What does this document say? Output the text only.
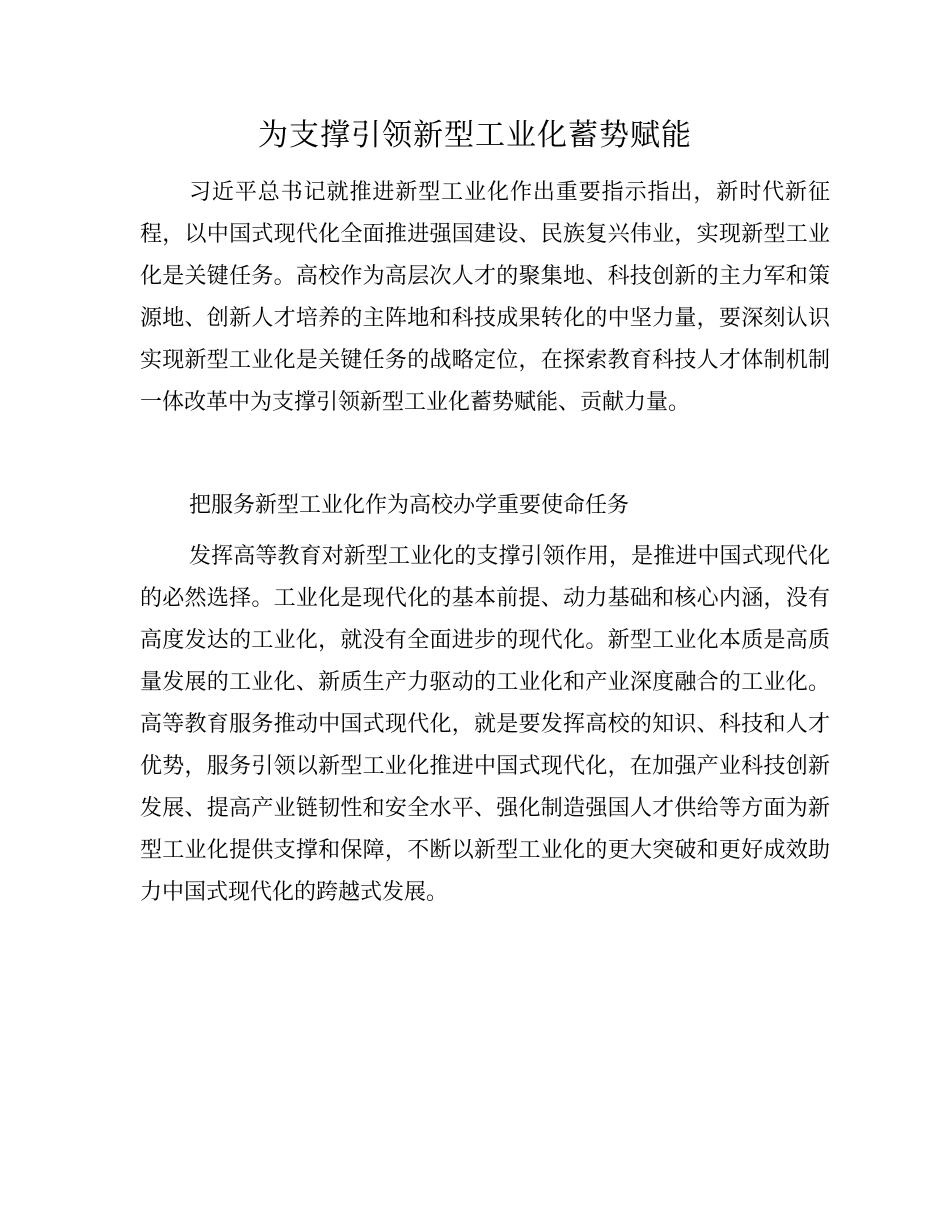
为支撑引领新型工业化蓄势赋能

习近平总书记就推进新型工业化作出重要指示指出，新时代新征程，以中国式现代化全面推进强国建设、民族复兴伟业，实现新型工业化是关键任务。高校作为高层次人才的聚集地、科技创新的主力军和策源地、创新人才培养的主阵地和科技成果转化的中坚力量，要深刻认识实现新型工业化是关键任务的战略定位，在探索教育科技人才体制机制一体改革中为支撑引领新型工业化蓄势赋能、贡献力量。

把服务新型工业化作为高校办学重要使命任务

发挥高等教育对新型工业化的支撑引领作用，是推进中国式现代化的必然选择。工业化是现代化的基本前提、动力基础和核心内涵，没有高度发达的工业化，就没有全面进步的现代化。新型工业化本质是高质量发展的工业化、新质生产力驱动的工业化和产业深度融合的工业化。高等教育服务推动中国式现代化，就是要发挥高校的知识、科技和人才优势，服务引领以新型工业化推进中国式现代化，在加强产业科技创新发展、提高产业链韧性和安全水平、强化制造强国人才供给等方面为新型工业化提供支撑和保障，不断以新型工业化的更大突破和更好成效助力中国式现代化的跨越式发展。
